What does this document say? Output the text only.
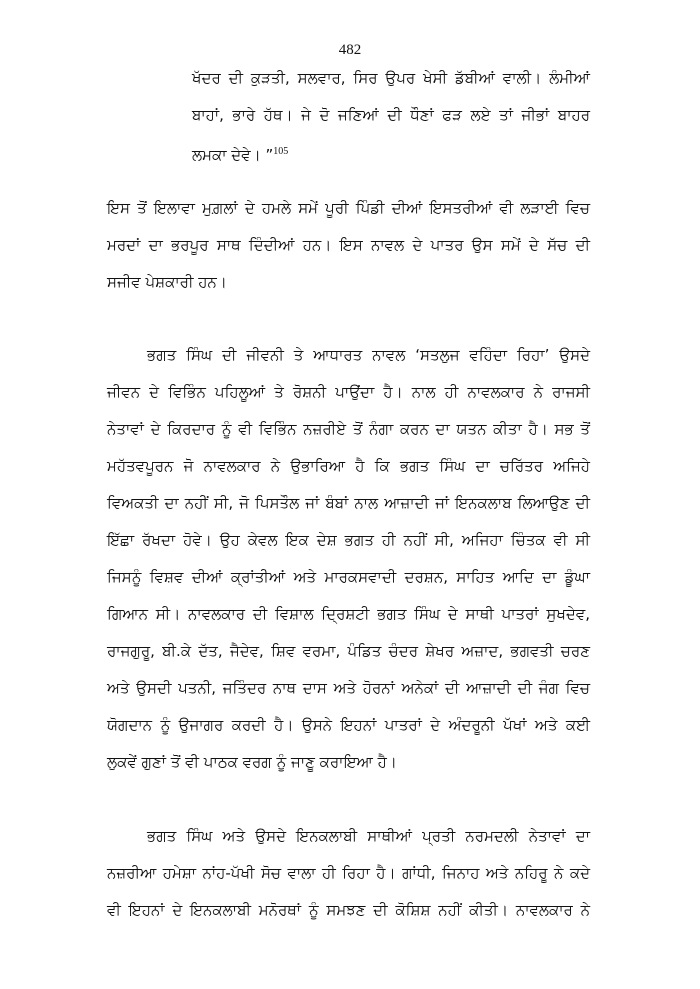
482
ਖੱਦਰ ਦੀ ਕੁੜਤੀ, ਸਲਵਾਰ, ਸਿਰ ਉਪਰ ਖੇਸੀ ਡੱਬੀਆਂ ਵਾਲੀ। ਲੰਮੀਆਂ
ਬਾਹਾਂ, ਭਾਰੇ ਹੱਥ। ਜੇ ਦੋ ਜਣਿਆਂ ਦੀ ਧੌਣਾਂ ਫੜ ਲਏ ਤਾਂ ਜੀਭਾਂ ਬਾਹਰ
ਲਮਕਾ ਦੇਵੇ। ”$^{105}$
ਇਸ ਤੋਂ ਇਲਾਵਾ ਮੁਗ਼ਲਾਂ ਦੇ ਹਮਲੇ ਸਮੇਂ ਪੂਰੀ ਪਿੰਡੀ ਦੀਆਂ ਇਸਤਰੀਆਂ ਵੀ ਲੜਾਈ ਵਿਚ
ਮਰਦਾਂ ਦਾ ਭਰਪੂਰ ਸਾਥ ਦਿੰਦੀਆਂ ਹਨ। ਇਸ ਨਾਵਲ ਦੇ ਪਾਤਰ ਉਸ ਸਮੇਂ ਦੇ ਸੱਚ ਦੀ
ਸਜੀਵ ਪੇਸ਼ਕਾਰੀ ਹਨ।
ਭਗਤ ਸਿੰਘ ਦੀ ਜੀਵਨੀ ਤੇ ਆਧਾਰਤ ਨਾਵਲ ‘ਸਤਲੁਜ ਵਹਿੰਦਾ ਰਿਹਾ’ ਉਸਦੇ
ਜੀਵਨ ਦੇ ਵਿਭਿੰਨ ਪਹਿਲੂਆਂ ਤੇ ਰੋਸ਼ਨੀ ਪਾਉਂਦਾ ਹੈ। ਨਾਲ ਹੀ ਨਾਵਲਕਾਰ ਨੇ ਰਾਜਸੀ
ਨੇਤਾਵਾਂ ਦੇ ਕਿਰਦਾਰ ਨੂੰ ਵੀ ਵਿਭਿੰਨ ਨਜ਼ਰੀਏ ਤੋਂ ਨੰਗਾ ਕਰਨ ਦਾ ਯਤਨ ਕੀਤਾ ਹੈ। ਸਭ ਤੋਂ
ਮਹੱਤਵਪੂਰਨ ਜੋ ਨਾਵਲਕਾਰ ਨੇ ਉਭਾਰਿਆ ਹੈ ਕਿ ਭਗਤ ਸਿੰਘ ਦਾ ਚਰਿੱਤਰ ਅਜਿਹੇ
ਵਿਅਕਤੀ ਦਾ ਨਹੀਂ ਸੀ, ਜੋ ਪਿਸਤੌਲ ਜਾਂ ਬੰਬਾਂ ਨਾਲ ਆਜ਼ਾਦੀ ਜਾਂ ਇਨਕਲਾਬ ਲਿਆਉਣ ਦੀ
ਇੱਛਾ ਰੱਖਦਾ ਹੋਵੇ। ਉਹ ਕੇਵਲ ਇਕ ਦੇਸ਼ ਭਗਤ ਹੀ ਨਹੀਂ ਸੀ, ਅਜਿਹਾ ਚਿੰਤਕ ਵੀ ਸੀ
ਜਿਸਨੂੰ ਵਿਸ਼ਵ ਦੀਆਂ ਕ੍ਰਾਂਤੀਆਂ ਅਤੇ ਮਾਰਕਸਵਾਦੀ ਦਰਸ਼ਨ, ਸਾਹਿਤ ਆਦਿ ਦਾ ਡੂੰਘਾ
ਗਿਆਨ ਸੀ। ਨਾਵਲਕਾਰ ਦੀ ਵਿਸ਼ਾਲ ਦ੍ਰਿਸ਼ਟੀ ਭਗਤ ਸਿੰਘ ਦੇ ਸਾਥੀ ਪਾਤਰਾਂ ਸੁਖਦੇਵ,
ਰਾਜਗੁਰੂ, ਬੀ.ਕੇ ਦੱਤ, ਜੈਦੇਵ, ਸ਼ਿਵ ਵਰਮਾ, ਪੰਡਿਤ ਚੰਦਰ ਸ਼ੇਖਰ ਅਜ਼ਾਦ, ਭਗਵਤੀ ਚਰਣ
ਅਤੇ ਉਸਦੀ ਪਤਨੀ, ਜਤਿੰਦਰ ਨਾਥ ਦਾਸ ਅਤੇ ਹੋਰਨਾਂ ਅਨੇਕਾਂ ਦੀ ਆਜ਼ਾਦੀ ਦੀ ਜੰਗ ਵਿਚ
ਯੋਗਦਾਨ ਨੂੰ ਉਜਾਗਰ ਕਰਦੀ ਹੈ। ਉਸਨੇ ਇਹਨਾਂ ਪਾਤਰਾਂ ਦੇ ਅੰਦਰੂਨੀ ਪੱਖਾਂ ਅਤੇ ਕਈ
ਲੁਕਵੇਂ ਗੁਣਾਂ ਤੋਂ ਵੀ ਪਾਠਕ ਵਰਗ ਨੂੰ ਜਾਣੂ ਕਰਾਇਆ ਹੈ।
ਭਗਤ ਸਿੰਘ ਅਤੇ ਉਸਦੇ ਇਨਕਲਾਬੀ ਸਾਥੀਆਂ ਪ੍ਰਤੀ ਨਰਮਦਲੀ ਨੇਤਾਵਾਂ ਦਾ
ਨਜ਼ਰੀਆ ਹਮੇਸ਼ਾ ਨਾਂਹ-ਪੱਖੀ ਸੋਚ ਵਾਲਾ ਹੀ ਰਿਹਾ ਹੈ। ਗਾਂਧੀ, ਜਿਨਾਹ ਅਤੇ ਨਹਿਰੂ ਨੇ ਕਦੇ
ਵੀ ਇਹਨਾਂ ਦੇ ਇਨਕਲਾਬੀ ਮਨੋਰਥਾਂ ਨੂੰ ਸਮਝਣ ਦੀ ਕੋਸ਼ਿਸ਼ ਨਹੀਂ ਕੀਤੀ। ਨਾਵਲਕਾਰ ਨੇ
